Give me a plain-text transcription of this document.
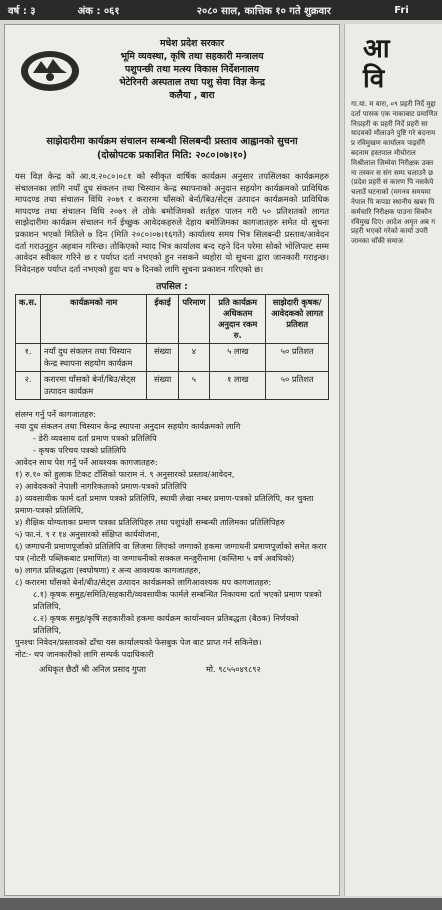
वर्ष : ३	अंक : ०६१	२०८० साल, कात्तिक १० गते शुक्रवार	Fri
मधेश प्रदेश सरकार
भूमि व्यवस्था, कृषि तथा सहकारी मन्त्रालय
पशुपन्छी तथा मत्स्य विकास निर्देशनालय
भेटेरिनरी अस्पताल तथा पशु सेवा विज्ञ केन्द्र
कलैया , बारा
साझेदारीमा कार्यक्रम संचालन सम्बन्धी सिलबन्दी प्रस्ताव आह्वानको सुचना
(दोस्रोपटक प्रकाशित मिति: २०८०।०७।१०)
यस विज्ञ केन्द्र को आ.व.२०८०।०८१ को स्वीकृत वार्षिक कार्यक्रम अनुसार तपसिलका कार्यक्रमहरु संचालनका लागि नयाँ दुध संकलन तथा चिस्यान केन्द्र स्थापनाको अनुदान सहयोग कार्यक्रमको प्राविधिक मापदण्ड तथा संचालन विधि २०७९ र करारमा घाँसको बेर्ना/बिउ/सेट्स उत्पादन कार्यक्रमको प्राविधिक मापदण्ड तथा संचालन विधि २०७९ ले तोके बमोजिमको शर्तहरु पालन गरी ५० प्रतिशतको लागत साझेदारीमा कार्यक्रम संचालन गर्न ईच्छुक आवेदकहरुले देहाय बमोजिमका कागजातहरु समेत यो सुचना प्रकाशन भएको मितिले ७ दिन (मिति २०८०।०७।१६गते) कार्यालय समय भित्र सिलबन्दी प्रस्ताव/आवेदन दर्ता गराउनुहुन अहवान गरिन्छ। तोकिएको म्याद भित्र कार्यालय बन्द रहने दिन परेमा सोको भोलिपल्ट सम्म आवेदन स्वीकार गरिने छ र पर्याप्त दर्ता नभएको हुन नसकने व्यहोरा यो सुचना द्वारा जानकारी गराइन्छ। निवेदनहरु पर्याप्त दर्ता नभएको हुदा थप ७ दिनको लागि सुचना प्रकाशन गरिएको छ।
तपसिल :
क.स.	कार्यक्रमको नाम	ईकाई	परिमाण	प्रति कार्यक्रम अधिकतम अनुदान रकम रु.	साझेदारी कृषक/आवेदकको लागत प्रतिशत
१.	नयाँ दुध संकलन तथा चिस्यान केन्द्र स्थापना सहयोग कार्यक्रम	संख्या	४	५ लाख	५० प्रतिशत
२.	करारमा घाँसको बेर्ना/बिउ/सेट्स उत्पादन कार्यक्रम	संख्या	५	१ लाख	५० प्रतिशत
संलग्न गर्नु पर्ने कागजातहरु:
नया दुध संकलन तथा चिस्यान केन्द्र स्थापना अनुदान सहयोग कार्यक्रमको लागि
- डेरी व्यवसाय दर्ता प्रमाण पत्रको प्रतिलिपि
- कृषक परिचय पत्रको प्रतिलिपि
आवेदन साथ पेश गर्नु पर्ने आवश्यक कागजातहरु:
१) रु.१० को हुलाक टिकट टाँसिको फाराम नं. ९ अनुसारको प्रस्ताव/आवेदन,
२) आवेदकको नेपाली नागरिकताको प्रमाण-पत्रको प्रतिलिपि
३) व्यवसायीक फार्म दर्ता प्रमाण पत्रको प्रतिलिपि, स्थायी लेखा नम्बर प्रमाण-पत्रको प्रतिलिपि, कर चुक्ता प्रमाण-पत्रको प्रतिलिपि,
४) शैक्षिक योग्यताका प्रमाण पत्रका प्रतिलिपिहरु तथा पशुपंक्षी सम्बन्धी तालिमका प्रतिलिपिहरु
५) फा.नं. ९ र १४ अनुसारको संक्षिप्त कार्ययोजना,
६) जग्गाधनी प्रमाणपूर्जाको प्रतिलिपि वा लिजमा लिएको जग्गाको हकमा जग्गाधनी प्रमाणपूर्जाको समेत करार पत्र (नोटरी पब्लिकबाट प्रमाणित) वा जग्गाधनीको सक्कल मन्जुरीनामा (कम्तिमा ५ वर्ष अवधिको)
७) लागत प्रतिबद्धता (स्वघोषणा) र अन्य आवश्यक कागजातहरु,
८) करारमा घाँसको बेर्ना/बीउ/सेट्स उत्पादन कार्यक्रमको लागिआवश्यक थप कागजातहरु:
८.१) कृषक समुह/समिति/सहकारी/व्यवसायीक फार्मले सम्बन्धित निकायमा दर्ता भएको प्रमाण पत्रको प्रतिलिपि,
८.२) कृषक समुह/कृषि सहकारीको हकमा कार्यक्रम कार्यान्वयन प्रतिबद्धता (बैठक) निर्णयको प्रतिलिपि,
पुनश्चः निवेदन/प्रस्तावको ढाँचा यस कार्यालयको फेसबुक पेज बाट प्राप्त गर्न सकिनेछ।
नोट:- थप जानकारीको लागि सम्पर्क पदाधिकारी
अधिकृत छैठौं श्री अनिल प्रसाद गुप्ता	मो. ९८५५०४९८९२
आ
वि
गा.या. म वारा, ०९ प्रहरी निर्दे मुद्दा दर्ता पासक एक नाकाबाट प्रमाणित निःप्रहरी क प्रहरी निर्दे प्रहरी सा यादवको मौलाउने पुष्टि गरे बदनाम प्र रविमुखण कार्यालय पाइसँगै बदनाम हस्तपाल मौचोराल मिश्रीलाल जिम्मेवा निरीक्षक उक्त ना तस्कर स संग सम्प चलाउनै छ (प्रदेश प्रहरी सं कारण पि नसकेपे चलाउँ घटनाको (मगनव समयमा नेपाल पि कपडा स्थानीय खबर पि कर्मचारि निरीक्षक पाउना सिकौन रविमुख दिए। आदेश अमृत अब ग प्रहरी भएको गरेको कार्या उपरी जानका चाँकी समाज
